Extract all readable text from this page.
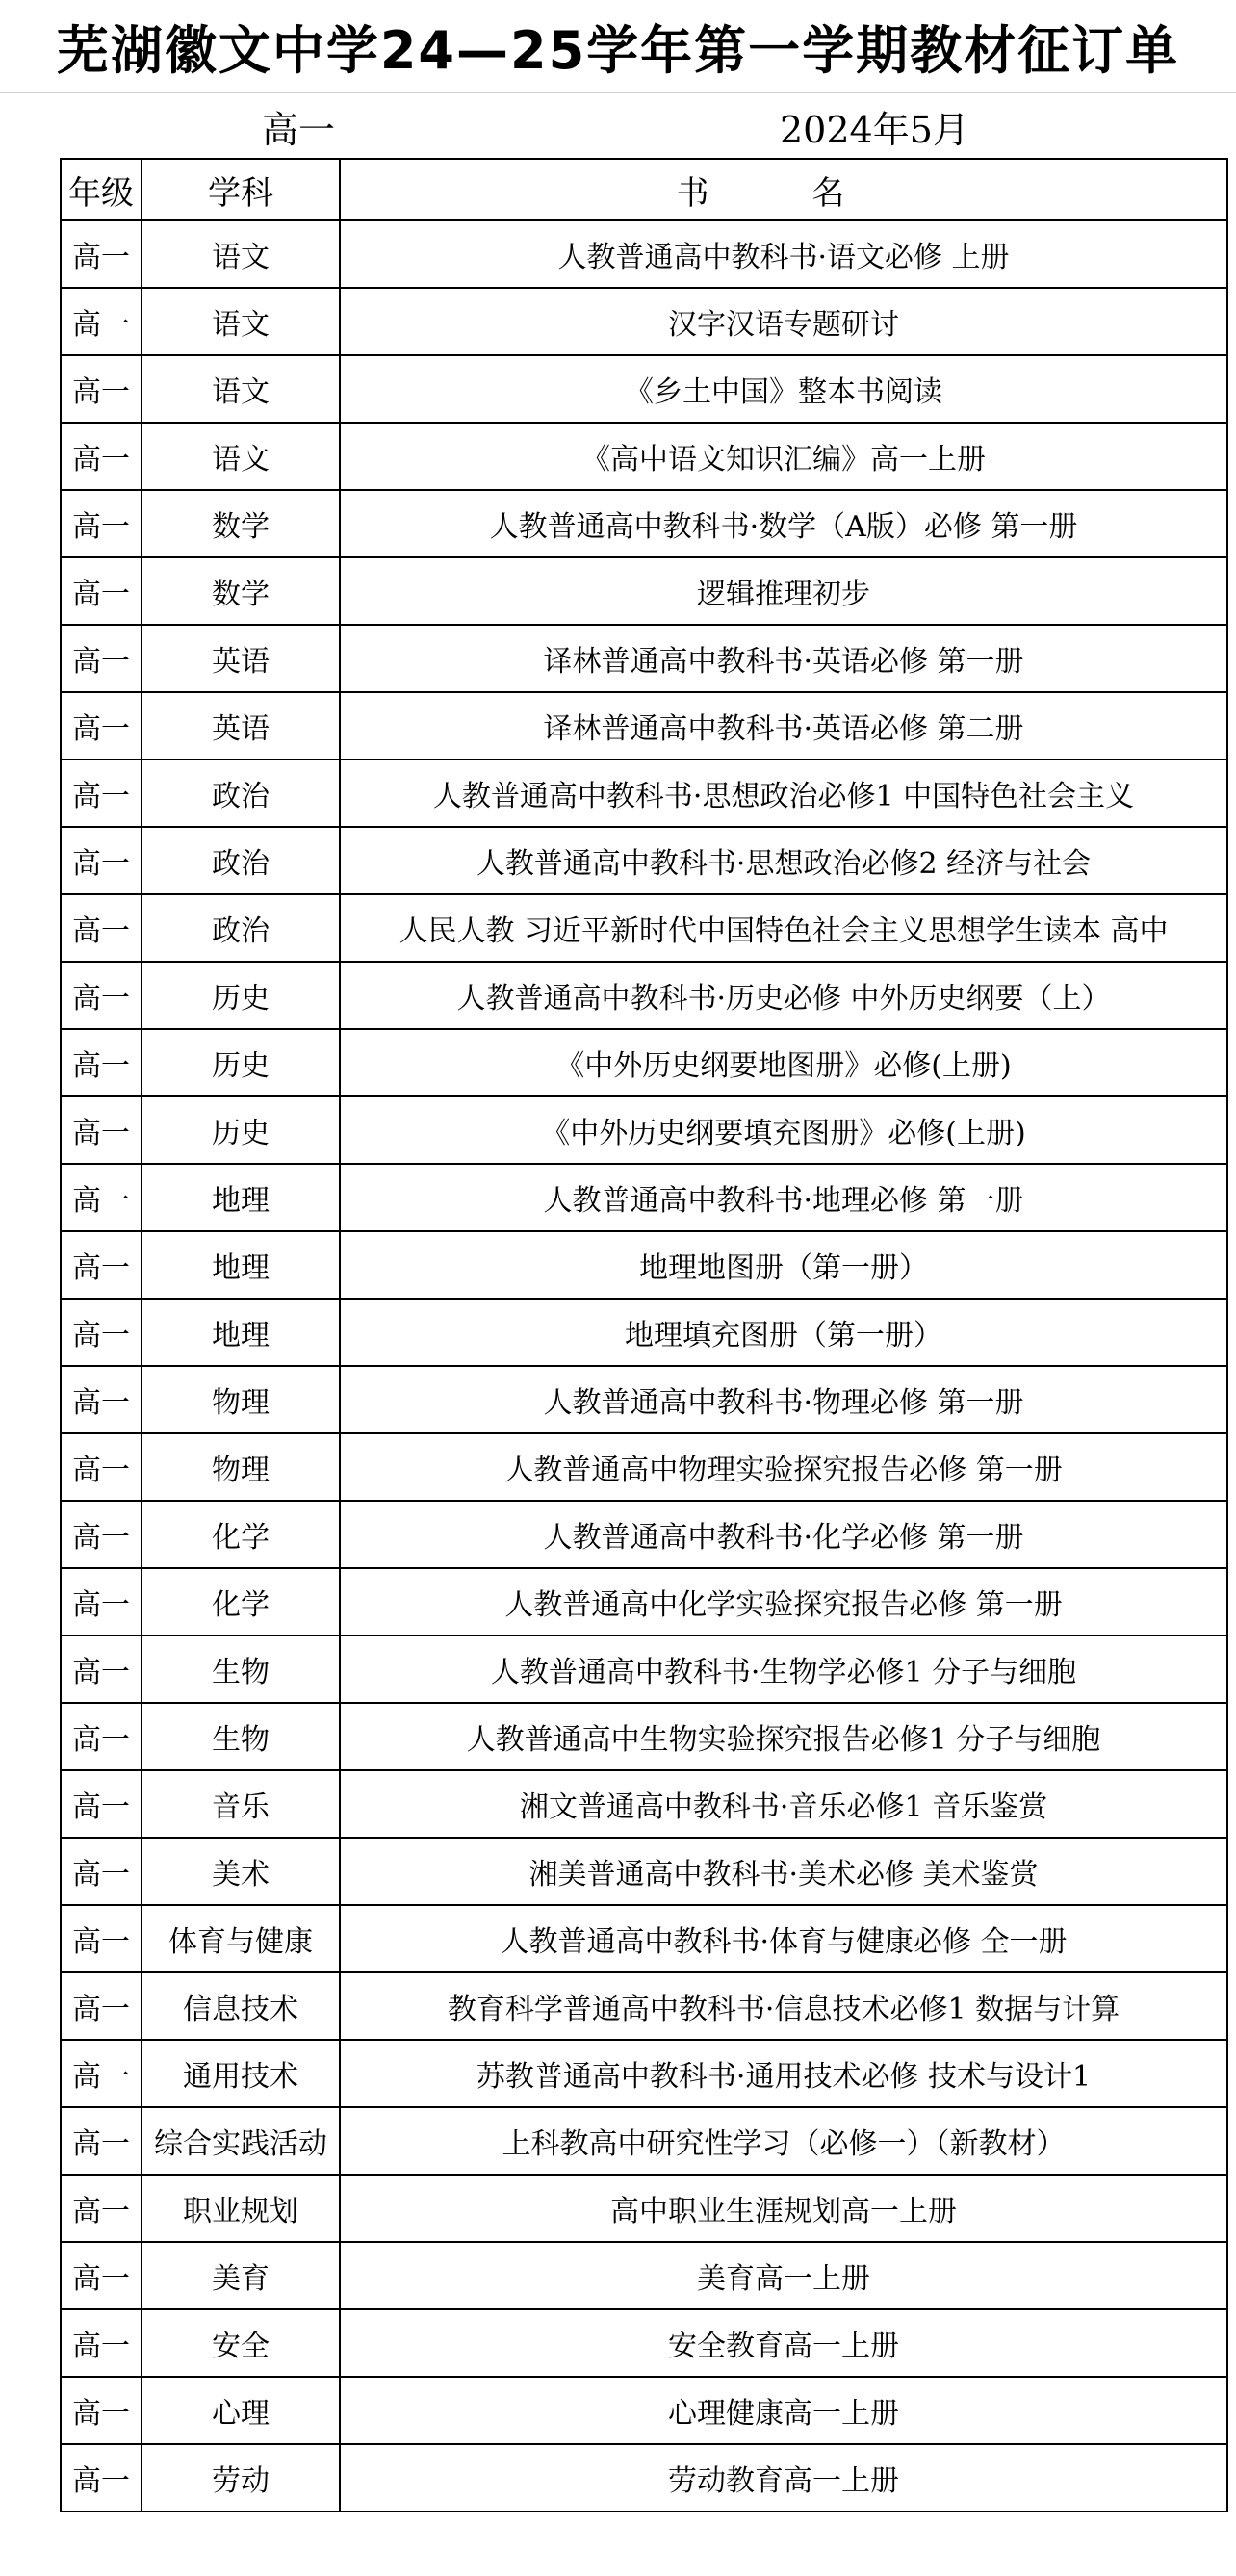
芜湖徽文中学24—25学年第一学期教材征订单
高一	2024年5月
年级	学科	书 名
高一	语文	人教普通高中教科书·语文必修 上册
高一	语文	汉字汉语专题研讨
高一	语文	《乡土中国》整本书阅读
高一	语文	《高中语文知识汇编》高一上册
高一	数学	人教普通高中教科书·数学（A版）必修 第一册
高一	数学	逻辑推理初步
高一	英语	译林普通高中教科书·英语必修 第一册
高一	英语	译林普通高中教科书·英语必修 第二册
高一	政治	人教普通高中教科书·思想政治必修1 中国特色社会主义
高一	政治	人教普通高中教科书·思想政治必修2 经济与社会
高一	政治	人民人教 习近平新时代中国特色社会主义思想学生读本 高中
高一	历史	人教普通高中教科书·历史必修 中外历史纲要（上）
高一	历史	《中外历史纲要地图册》必修(上册)
高一	历史	《中外历史纲要填充图册》必修(上册)
高一	地理	人教普通高中教科书·地理必修 第一册
高一	地理	地理地图册（第一册）
高一	地理	地理填充图册（第一册）
高一	物理	人教普通高中教科书·物理必修 第一册
高一	物理	人教普通高中物理实验探究报告必修 第一册
高一	化学	人教普通高中教科书·化学必修 第一册
高一	化学	人教普通高中化学实验探究报告必修 第一册
高一	生物	人教普通高中教科书·生物学必修1 分子与细胞
高一	生物	人教普通高中生物实验探究报告必修1 分子与细胞
高一	音乐	湘文普通高中教科书·音乐必修1 音乐鉴赏
高一	美术	湘美普通高中教科书·美术必修 美术鉴赏
高一	体育与健康	人教普通高中教科书·体育与健康必修 全一册
高一	信息技术	教育科学普通高中教科书·信息技术必修1 数据与计算
高一	通用技术	苏教普通高中教科书·通用技术必修 技术与设计1
高一	综合实践活动	上科教高中研究性学习（必修一）（新教材）
高一	职业规划	高中职业生涯规划高一上册
高一	美育	美育高一上册
高一	安全	安全教育高一上册
高一	心理	心理健康高一上册
高一	劳动	劳动教育高一上册
